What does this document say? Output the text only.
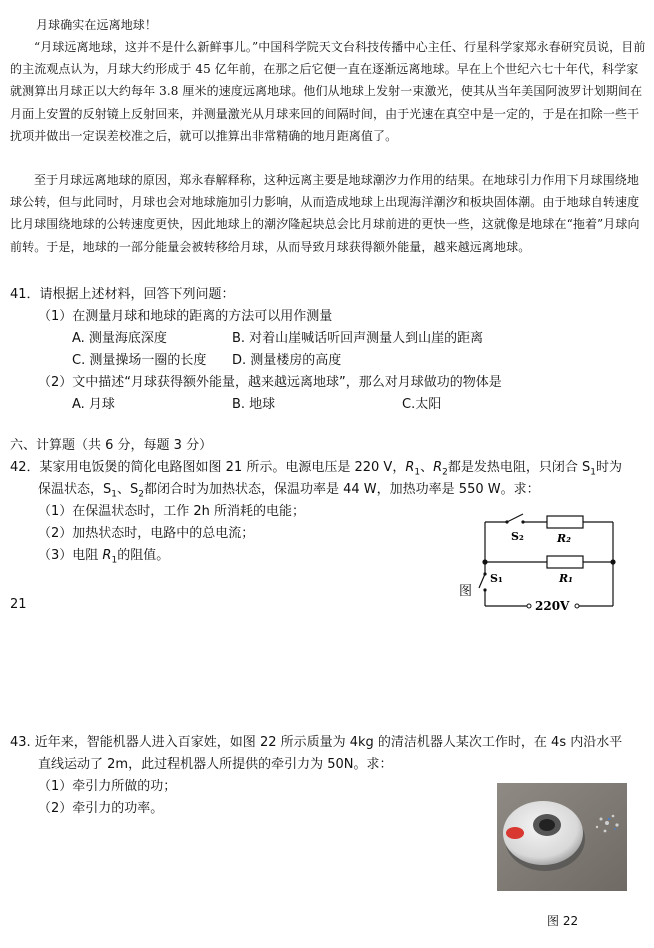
月球确实在远离地球！
“月球远离地球，这并不是什么新鲜事儿。”中国科学院天文台科技传播中心主任、行星科学家郑永春研究员说，目前的主流观点认为，月球大约形成于 45 亿年前，在那之后它便一直在逐渐远离地球。早在上个世纪六七十年代，科学家就测算出月球正以大约每年 3.8 厘米的速度远离地球。他们从地球上发射一束激光，使其从当年美国阿波罗计划期间在月面上安置的反射镜上反射回来，并测量激光从月球来回的间隔时间，由于光速在真空中是一定的，于是在扣除一些干扰项并做出一定误差校准之后，就可以推算出非常精确的地月距离值了。
至于月球远离地球的原因，郑永春解释称，这种远离主要是地球潮汐力作用的结果。在地球引力作用下月球围绕地球公转，但与此同时，月球也会对地球施加引力影响，从而造成地球上出现海洋潮汐和板块固体潮。由于地球自转速度比月球围绕地球的公转速度更快，因此地球上的潮汐隆起块总会比月球前进的更快一些，这就像是地球在“拖着”月球向前转。于是，地球的一部分能量会被转移给月球，从而导致月球获得额外能量，越来越远离地球。
41．请根据上述材料，回答下列问题：
（1）在测量月球和地球的距离的方法可以用作测量
A. 测量海底深度	B. 对着山崖喊话听回声测量人到山崖的距离
C. 测量操场一圈的长度 D. 测量楼房的高度
（2）文中描述“月球获得额外能量，越来越远离地球”，那么对月球做功的物体是
A. 月球	B. 地球	C.太阳
六、计算题（共 6 分，每题 3 分）
42．某家用电饭煲的简化电路图如图 21 所示。电源电压是 220 V，$R_1$、$R_2$都是发热电阻，只闭合 $S_1$时为
保温状态，$S_1$、$S_2$都闭合时为加热状态，保温功率是 44 W，加热功率是 550 W。求：
（1）在保温状态时，工作 2h 所消耗的电能；
（2）加热状态时，电路中的总电流；
（3）电阻 $R_1$的阻值。
图
21
S₂	R₂
R₁
S₁
220V
43. 近年来，智能机器人进入百家姓，如图 22 所示质量为 4kg 的清洁机器人某次工作时，在 4s 内沿水平
直线运动了 2m，此过程机器人所提供的牵引力为 50N。求：
（1）牵引力所做的功；
（2）牵引力的功率。
图 22
